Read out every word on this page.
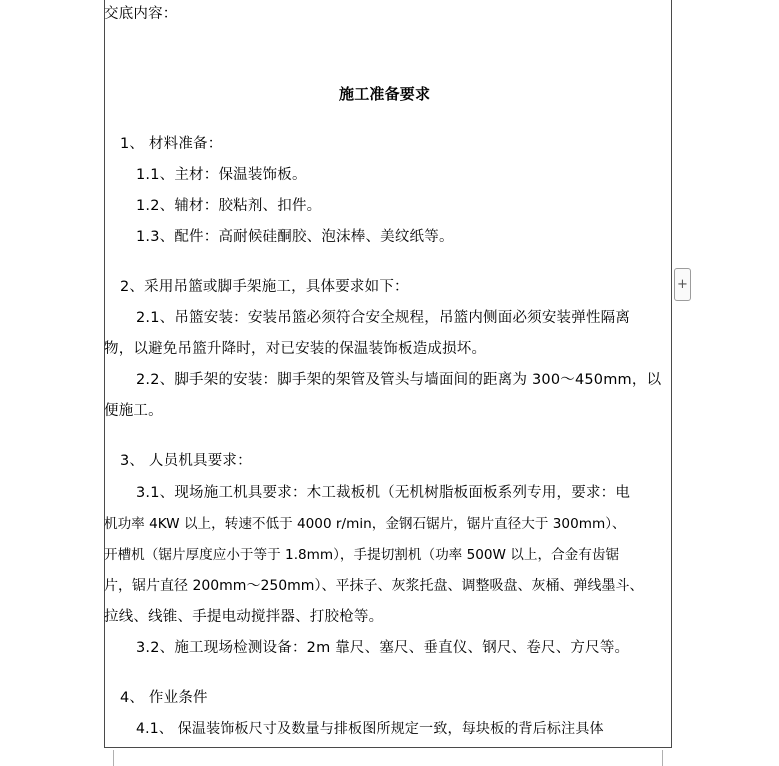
交底内容：
施工准备要求
1、 材料准备：
1.1、主材：保温装饰板。
1.2、辅材：胶粘剂、扣件。
1.3、配件：高耐候硅酮胶、泡沫棒、美纹纸等。
2、采用吊篮或脚手架施工，具体要求如下：
2.1、吊篮安装：安装吊篮必须符合安全规程，吊篮内侧面必须安装弹性隔离
物，以避免吊篮升降时，对已安装的保温装饰板造成损坏。
2.2、脚手架的安装：脚手架的架管及管头与墙面间的距离为 300～450mm，以
便施工。
3、 人员机具要求：
3.1、现场施工机具要求：木工裁板机（无机树脂板面板系列专用，要求：电
机功率 4KW 以上，转速不低于 4000 r/min，金钢石锯片，锯片直径大于 300mm）、
开槽机（锯片厚度应小于等于 1.8mm），手提切割机（功率 500W 以上，合金有齿锯
片，锯片直径 200mm～250mm）、平抹子、灰浆托盘、调整吸盘、灰桶、弹线墨斗、
拉线、线锥、手提电动搅拌器、打胶枪等。
3.2、施工现场检测设备：2m 靠尺、塞尺、垂直仪、钢尺、卷尺、方尺等。
4、 作业条件
4.1、 保温装饰板尺寸及数量与排板图所规定一致，每块板的背后标注具体
+
